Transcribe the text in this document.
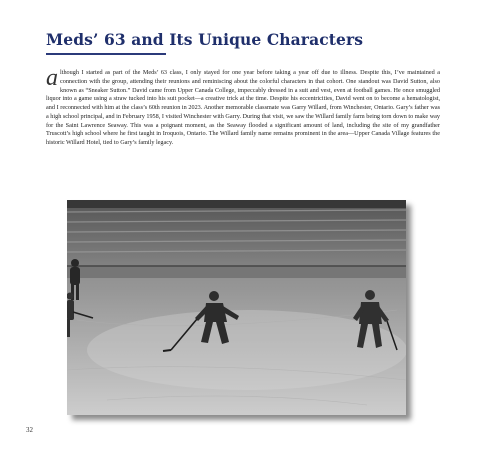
Meds’ 63 and Its Unique Characters
although I started as part of the Meds’ 63 class, I only stayed for one year before taking a year off due to illness. Despite this, I’ve maintained a connection with the group, attending their reunions and reminiscing about the colorful characters in that cohort. One standout was David Sutton, also known as “Sneaker Sutton.” David came from Upper Canada College, impeccably dressed in a suit and vest, even at football games. He once smuggled liquor into a game using a straw tucked into his suit pocket—a creative trick at the time. Despite his eccentricities, David went on to become a hematologist, and I reconnected with him at the class’s 60th reunion in 2023. Another memorable classmate was Garry Willard, from Winchester, Ontario. Gary’s father was a high school principal, and in February 1958, I visited Winchester with Garry. During that visit, we saw the Willard family farm being torn down to make way for the Saint Lawrence Seaway. This was a poignant moment, as the Seaway flooded a significant amount of land, including the site of my grandfather Truscott’s high school where he first taught in Iroquois, Ontario. The Willard family name remains prominent in the area—Upper Canada Village features the historic Willard Hotel, tied to Gary’s family legacy.
32
